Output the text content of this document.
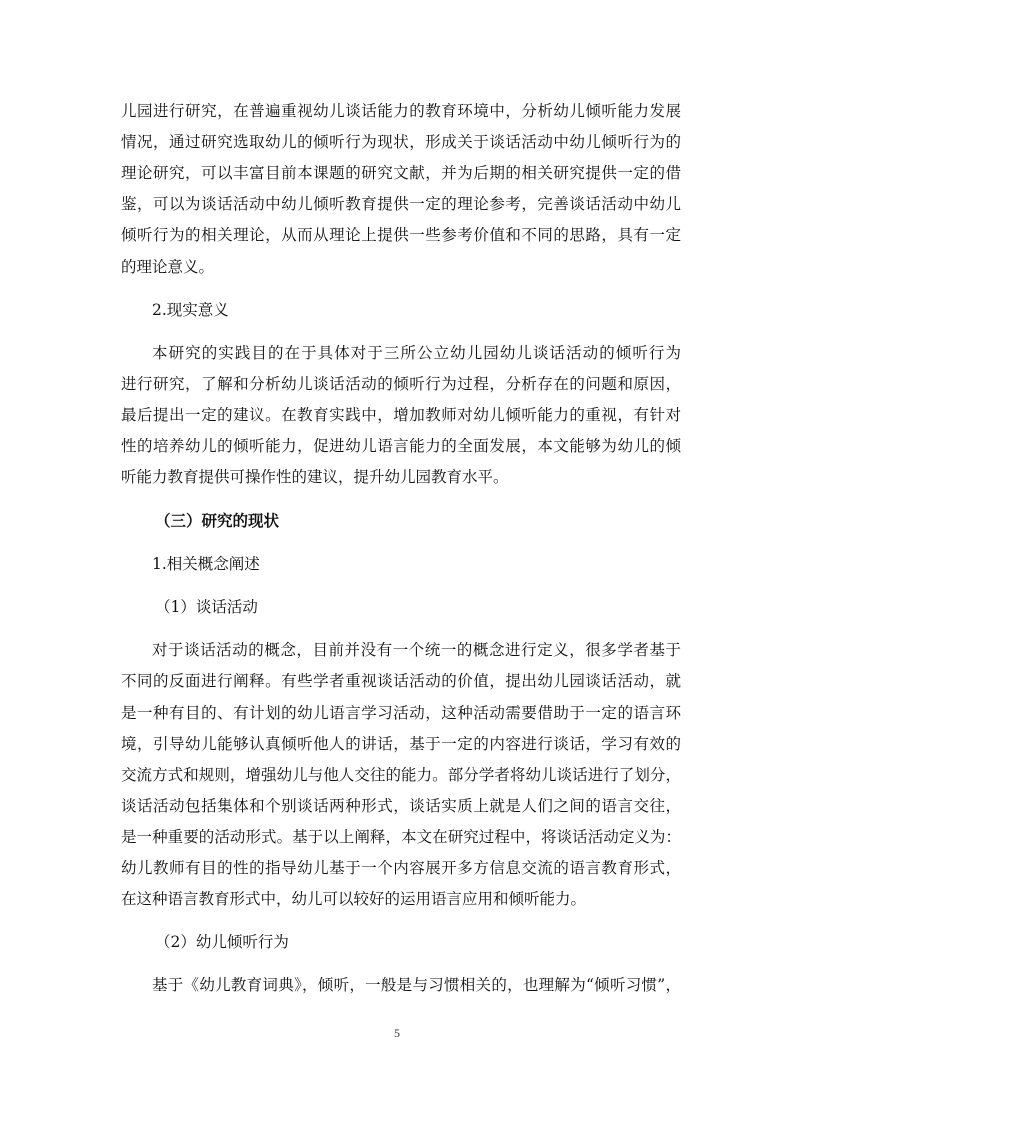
儿园进行研究，在普遍重视幼儿谈话能力的教育环境中，分析幼儿倾听能力发展
情况，通过研究选取幼儿的倾听行为现状，形成关于谈话活动中幼儿倾听行为的
理论研究，可以丰富目前本课题的研究文献，并为后期的相关研究提供一定的借
鉴，可以为谈话活动中幼儿倾听教育提供一定的理论参考，完善谈话活动中幼儿
倾听行为的相关理论，从而从理论上提供一些参考价值和不同的思路，具有一定
的理论意义。
2.现实意义
本研究的实践目的在于具体对于三所公立幼儿园幼儿谈话活动的倾听行为
进行研究，了解和分析幼儿谈话活动的倾听行为过程，分析存在的问题和原因，
最后提出一定的建议。在教育实践中，增加教师对幼儿倾听能力的重视，有针对
性的培养幼儿的倾听能力，促进幼儿语言能力的全面发展，本文能够为幼儿的倾
听能力教育提供可操作性的建议，提升幼儿园教育水平。
（三）研究的现状
1.相关概念阐述
（1）谈话活动
对于谈话活动的概念，目前并没有一个统一的概念进行定义，很多学者基于
不同的反面进行阐释。有些学者重视谈话活动的价值，提出幼儿园谈话活动，就
是一种有目的、有计划的幼儿语言学习活动，这种活动需要借助于一定的语言环
境，引导幼儿能够认真倾听他人的讲话，基于一定的内容进行谈话，学习有效的
交流方式和规则，增强幼儿与他人交往的能力。部分学者将幼儿谈话进行了划分，
谈话活动包括集体和个别谈话两种形式，谈话实质上就是人们之间的语言交往，
是一种重要的活动形式。基于以上阐释，本文在研究过程中，将谈话活动定义为：
幼儿教师有目的性的指导幼儿基于一个内容展开多方信息交流的语言教育形式，
在这种语言教育形式中，幼儿可以较好的运用语言应用和倾听能力。
（2）幼儿倾听行为
基于《幼儿教育词典》，倾听，一般是与习惯相关的，也理解为“倾听习惯”，
5
